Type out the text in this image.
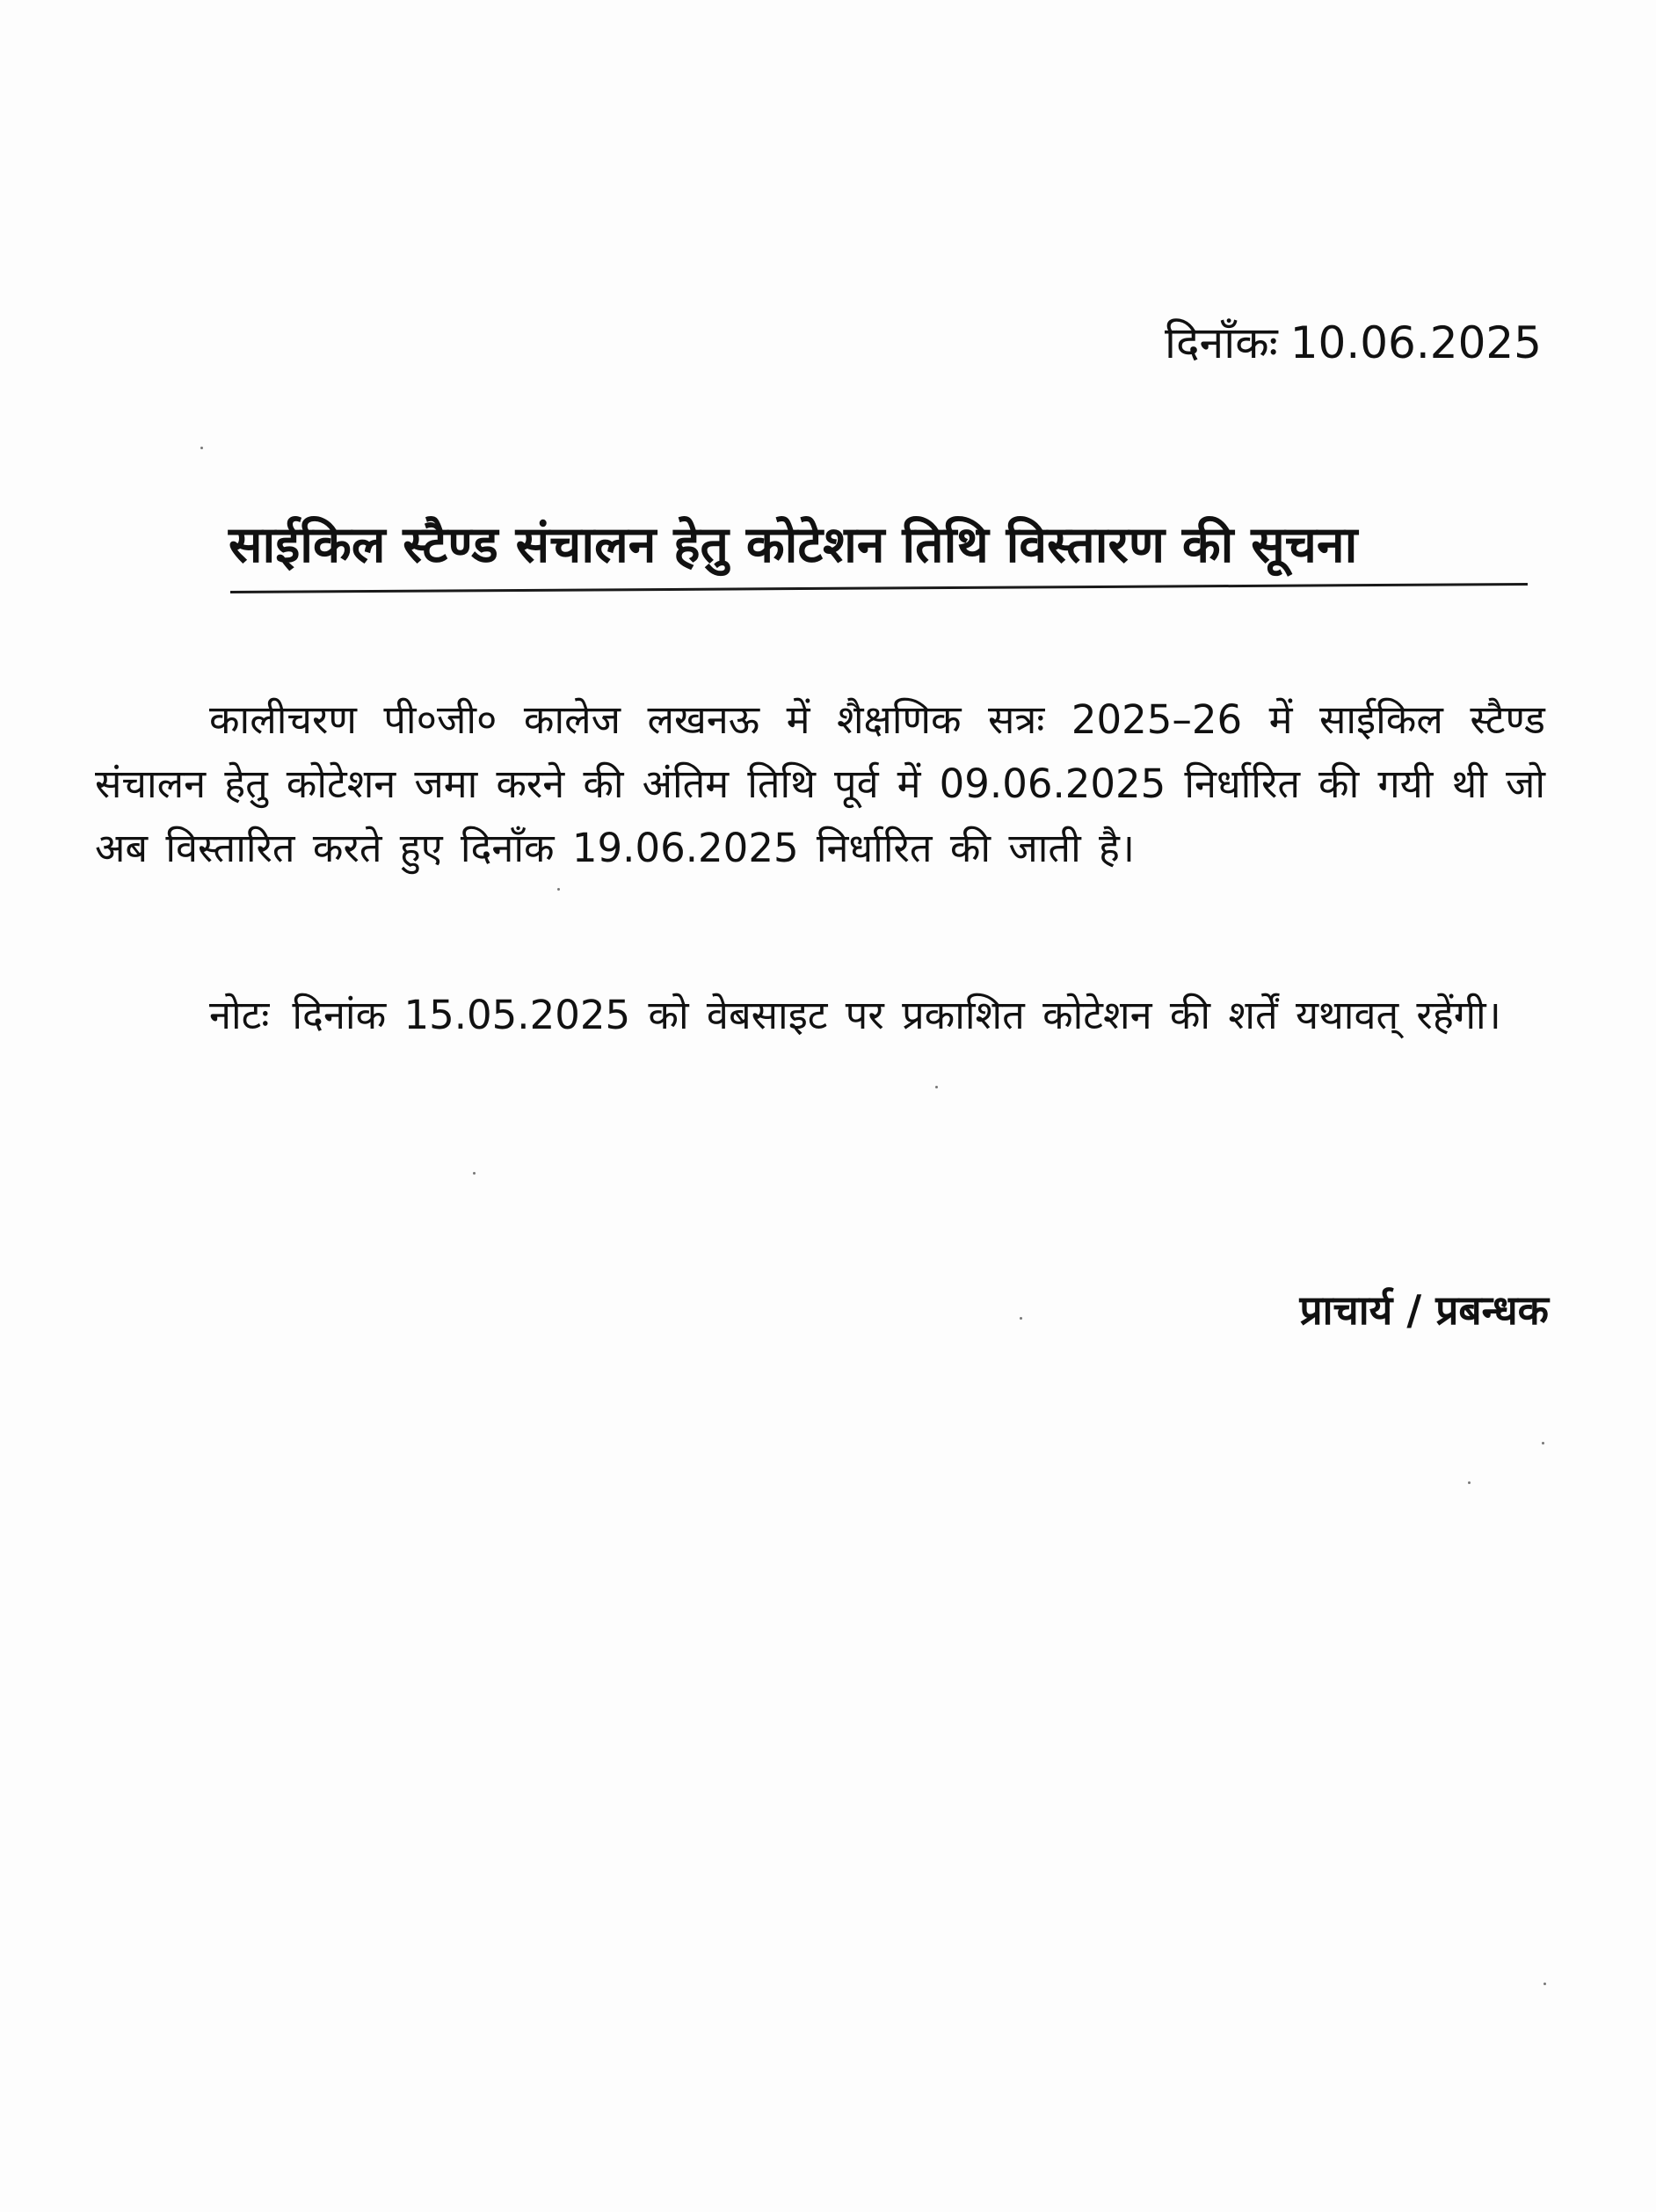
दिनाँकः 10.06.2025
साईकिल स्टैण्ड संचालन हेतु कोटेशन तिथि विस्तारण की सूचना
कालीचरण पी०जी० कालेज लखनऊ में शैक्षणिक सत्रः 2025–26 में साईकिल स्टैण्ड संचालन हेतु कोटेशन जमा करने की अंतिम तिथि पूर्व में 09.06.2025 निर्धारित की गयी थी जो अब विस्तारित करते हुए दिनाँक 19.06.2025 निर्धारित की जाती है।
नोटः दिनांक 15.05.2025 को वेबसाइट पर प्रकाशित कोटेशन की शर्तें यथावत् रहेंगी।
प्राचार्य / प्रबन्धक
